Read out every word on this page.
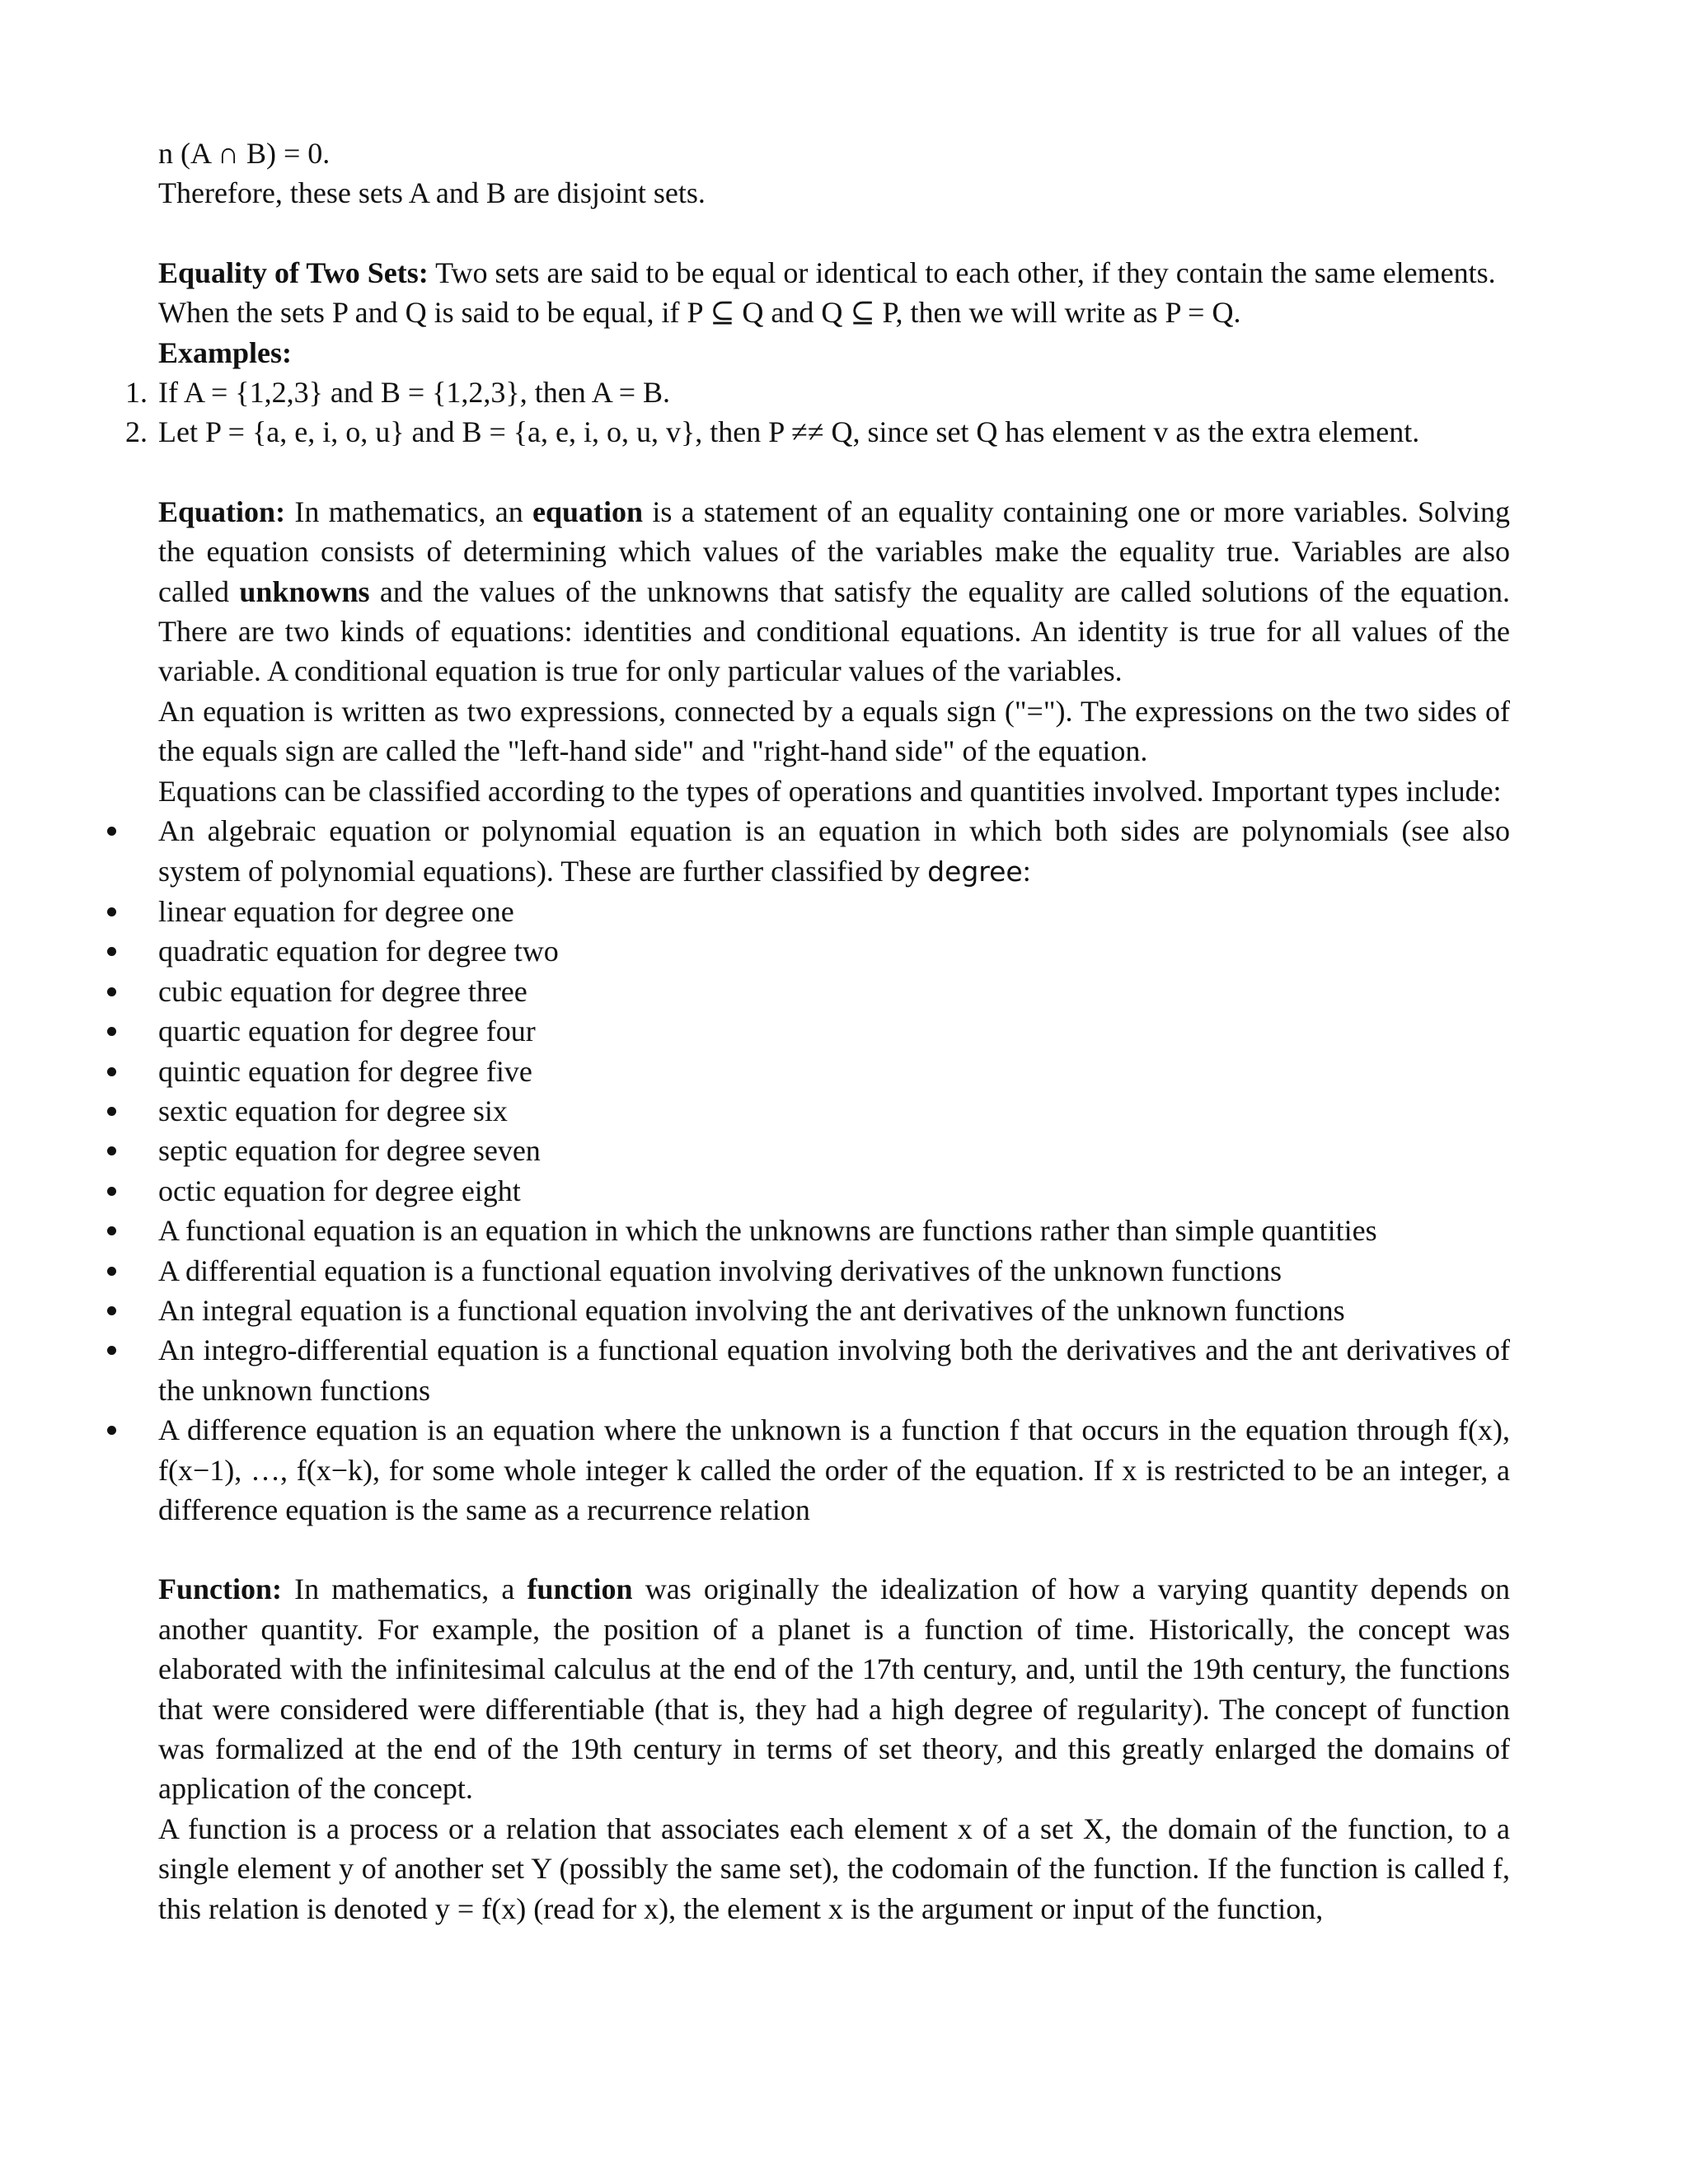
n (A ∩ B) = 0.

Therefore, these sets A and B are disjoint sets.

Equality of Two Sets: Two sets are said to be equal or identical to each other, if they contain the same elements. When the sets P and Q is said to be equal, if P ⊆ Q and Q ⊆ P, then we will write as P = Q.

Examples:

1. If A = {1,2,3} and B = {1,2,3}, then A = B.
2. Let P = {a, e, i, o, u} and B = {a, e, i, o, u, v}, then P ≠≠ Q, since set Q has element v as the extra element.

Equation: In mathematics, an equation is a statement of an equality containing one or more variables. Solving the equation consists of determining which values of the variables make the equality true. Variables are also called unknowns and the values of the unknowns that satisfy the equality are called solutions of the equation. There are two kinds of equations: identities and conditional equations. An identity is true for all values of the variable. A conditional equation is true for only particular values of the variables.

An equation is written as two expressions, connected by a equals sign ("="). The expressions on the two sides of the equals sign are called the "left-hand side" and "right-hand side" of the equation.

Equations can be classified according to the types of operations and quantities involved. Important types include:

An algebraic equation or polynomial equation is an equation in which both sides are polynomials (see also system of polynomial equations). These are further classified by degree:
linear equation for degree one
quadratic equation for degree two
cubic equation for degree three
quartic equation for degree four
quintic equation for degree five
sextic equation for degree six
septic equation for degree seven
octic equation for degree eight
A functional equation is an equation in which the unknowns are functions rather than simple quantities
A differential equation is a functional equation involving derivatives of the unknown functions
An integral equation is a functional equation involving the ant derivatives of the unknown functions
An integro-differential equation is a functional equation involving both the derivatives and the ant derivatives of the unknown functions
A difference equation is an equation where the unknown is a function f that occurs in the equation through f(x), f(x−1), …, f(x−k), for some whole integer k called the order of the equation. If x is restricted to be an integer, a difference equation is the same as a recurrence relation

Function: In mathematics, a function was originally the idealization of how a varying quantity depends on another quantity. For example, the position of a planet is a function of time. Historically, the concept was elaborated with the infinitesimal calculus at the end of the 17th century, and, until the 19th century, the functions that were considered were differentiable (that is, they had a high degree of regularity). The concept of function was formalized at the end of the 19th century in terms of set theory, and this greatly enlarged the domains of application of the concept.

A function is a process or a relation that associates each element x of a set X, the domain of the function, to a single element y of another set Y (possibly the same set), the codomain of the function. If the function is called f, this relation is denoted y = f(x) (read for x), the element x is the argument or input of the function,
